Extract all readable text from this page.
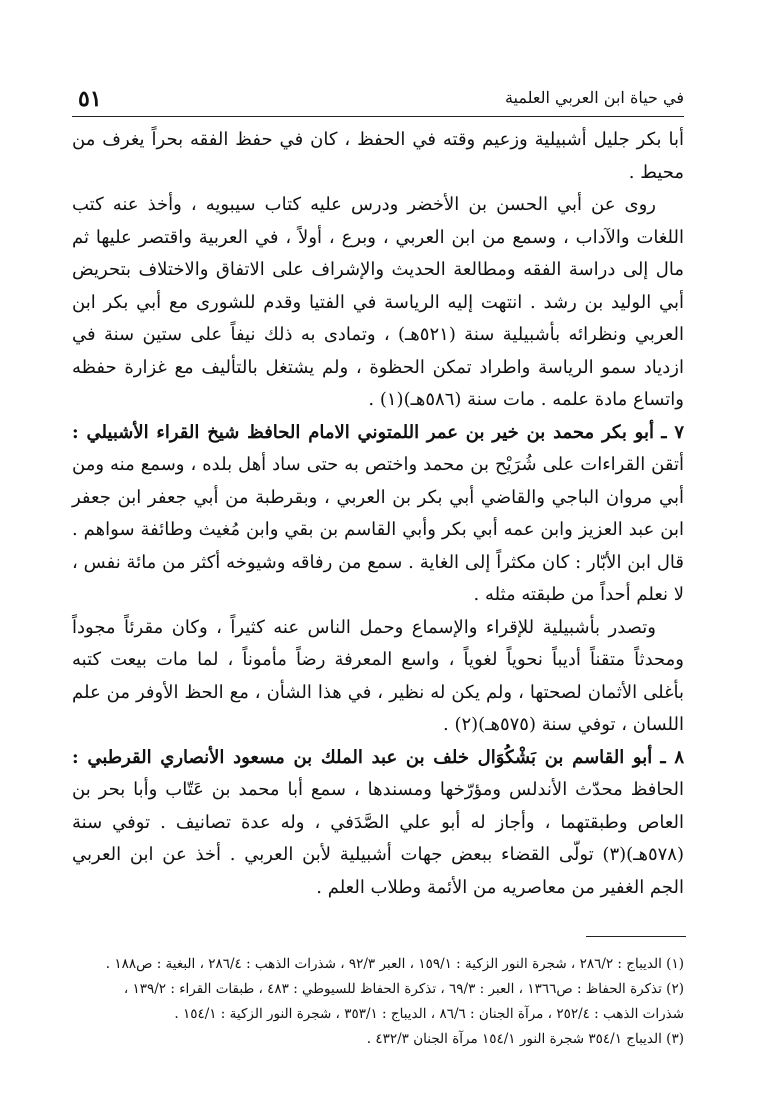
في حياة ابن العربي العلمية
٥١

أبا بكر جليل أشبيلية وزعيم وقته في الحفظ ، كان في حفظ الفقه بحراً يغرف من محيط .

روى عن أبي الحسن بن الأخضر ودرس عليه كتاب سيبويه ، وأخذ عنه كتب اللغات والآداب ، وسمع من ابن العربي ، وبرع ، أولاً ، في العربية واقتصر عليها ثم مال إلى دراسة الفقه ومطالعة الحديث والإشراف على الاتفاق والاختلاف بتحريض أبي الوليد بن رشد . انتهت إليه الرياسة في الفتيا وقدم للشورى مع أبي بكر ابن العربي ونظرائه بأشبيلية سنة (٥٢١هـ) ، وتمادى به ذلك نيفاً على ستين سنة في ازدياد سمو الرياسة واطراد تمكن الحظوة ، ولم يشتغل بالتأليف مع غزارة حفظه واتساع مادة علمه . مات سنة (٥٨٦هـ)(١) .

٧ ـ أبو بكر محمد بن خير بن عمر اللمتوني الامام الحافظ شيخ القراء الأشبيلي : أتقن القراءات على شُرَيْح بن محمد واختص به حتى ساد أهل بلده ، وسمع منه ومن أبي مروان الباجي والقاضي أبي بكر بن العربي ، وبقرطبة من أبي جعفر ابن جعفر ابن عبد العزيز وابن عمه أبي بكر وأبي القاسم بن بقي وابن مُغيث وطائفة سواهم . قال ابن الأبّار : كان مكثراً إلى الغاية . سمع من رفاقه وشيوخه أكثر من مائة نفس ، لا نعلم أحداً من طبقته مثله .

وتصدر بأشبيلية للإقراء والإسماع وحمل الناس عنه كثيراً ، وكان مقرئاً مجوداً ومحدثاً متقناً أديباً نحوياً لغوياً ، واسع المعرفة رضاً مأموناً ، لما مات بيعت كتبه بأغلى الأثمان لصحتها ، ولم يكن له نظير ، في هذا الشأن ، مع الحظ الأوفر من علم اللسان ، توفي سنة (٥٧٥هـ)(٢) .

٨ ـ أبو القاسم بن بَشْكُوَال خلف بن عبد الملك بن مسعود الأنصاري القرطبي : الحافظ محدّث الأندلس ومؤرّخها ومسندها ، سمع أبا محمد بن عَتّاب وأبا بحر بن العاص وطبقتهما ، وأجاز له أبو علي الصَّدَفي ، وله عدة تصانيف . توفي سنة (٥٧٨هـ)(٣) تولّى القضاء ببعض جهات أشبيلية لأبن العربي . أخذ عن ابن العربي الجم الغفير من معاصريه من الأئمة وطلاب العلم .

(١) الديباج : ٢٨٦/٢ ، شجرة النور الزكية : ١٥٩/١ ، العبر ٩٢/٣ ، شذرات الذهب : ٢٨٦/٤ ، البغية : ص١٨٨ .

(٢) تذكرة الحفاظ : ص١٣٦٦ ، العبر : ٦٩/٣ ، تذكرة الحفاظ للسيوطي : ٤٨٣ ، طبقات القراء : ١٣٩/٢ ،

شذرات الذهب : ٢٥٢/٤ ، مرآة الجنان : ٨٦/٦ ، الديباج : ٣٥٣/١ ، شجرة النور الزكية : ١٥٤/١ .

(٣) الديباج ٣٥٤/١ شجرة النور ١٥٤/١ مرآة الجنان ٤٣٢/٣ .
